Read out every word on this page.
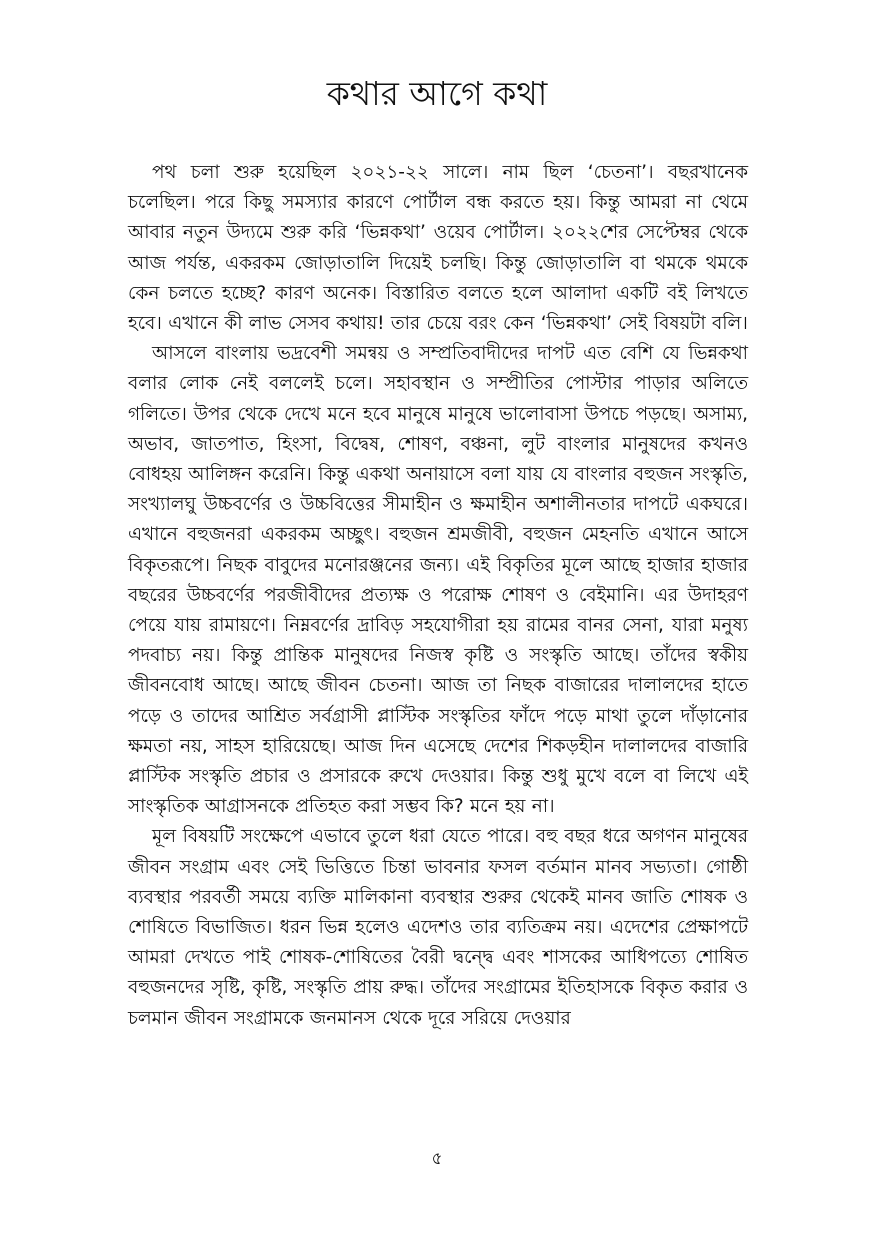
কথার আগে কথা

পথ চলা শুরু হয়েছিল ২০২১-২২ সালে। নাম ছিল ‘চেতনা’। বছরখানেক চলেছিল। পরে কিছু সমস্যার কারণে পোর্টাল বন্ধ করতে হয়। কিন্তু আমরা না থেমে আবার নতুন উদ্যমে শুরু করি ‘ভিন্নকথা’ ওয়েব পোর্টাল। ২০২২শের সেপ্টেম্বর থেকে আজ পর্যন্ত, একরকম জোড়াতালি দিয়েই চলছি। কিন্তু জোড়াতালি বা থমকে থমকে কেন চলতে হচ্ছে? কারণ অনেক। বিস্তারিত বলতে হলে আলাদা একটি বই লিখতে হবে। এখানে কী লাভ সেসব কথায়! তার চেয়ে বরং কেন ‘ভিন্নকথা’ সেই বিষয়টা বলি।

আসলে বাংলায় ভদ্রবেশী সমন্বয় ও সম্প্রতিবাদীদের দাপট এত বেশি যে ভিন্নকথা বলার লোক নেই বললেই চলে। সহাবস্থান ও সম্প্রীতির পোস্টার পাড়ার অলিতে গলিতে। উপর থেকে দেখে মনে হবে মানুষে মানুষে ভালোবাসা উপচে পড়ছে। অসাম্য, অভাব, জাতপাত, হিংসা, বিদ্বেষ, শোষণ, বঞ্চনা, লুট বাংলার মানুষদের কখনও বোধহয় আলিঙ্গন করেনি। কিন্তু একথা অনায়াসে বলা যায় যে বাংলার বহুজন সংস্কৃতি, সংখ্যালঘু উচ্চবর্ণের ও উচ্চবিত্তের সীমাহীন ও ক্ষমাহীন অশালীনতার দাপটে একঘরে। এখানে বহুজনরা একরকম অচ্ছুৎ। বহুজন শ্রমজীবী, বহুজন মেহনতি এখানে আসে বিকৃতরূপে। নিছক বাবুদের মনোরঞ্জনের জন্য। এই বিকৃতির মূলে আছে হাজার হাজার বছরের উচ্চবর্ণের পরজীবীদের প্রত্যক্ষ ও পরোক্ষ শোষণ ও বেইমানি। এর উদাহরণ পেয়ে যায় রামায়ণে। নিম্নবর্ণের দ্রাবিড় সহযোগীরা হয় রামের বানর সেনা, যারা মনুষ্য পদবাচ্য নয়। কিন্তু প্রান্তিক মানুষদের নিজস্ব কৃষ্টি ও সংস্কৃতি আছে। তাঁদের স্বকীয় জীবনবোধ আছে। আছে জীবন চেতনা। আজ তা নিছক বাজারের দালালদের হাতে পড়ে ও তাদের আশ্রিত সর্বগ্রাসী প্লাস্টিক সংস্কৃতির ফাঁদে পড়ে মাথা তুলে দাঁড়ানোর ক্ষমতা নয়, সাহস হারিয়েছে। আজ দিন এসেছে দেশের শিকড়হীন দালালদের বাজারি প্লাস্টিক সংস্কৃতি প্রচার ও প্রসারকে রুখে দেওয়ার। কিন্তু শুধু মুখে বলে বা লিখে এই সাংস্কৃতিক আগ্রাসনকে প্রতিহত করা সম্ভব কি? মনে হয় না।

মূল বিষয়টি সংক্ষেপে এভাবে তুলে ধরা যেতে পারে। বহু বছর ধরে অগণন মানুষের জীবন সংগ্রাম এবং সেই ভিত্তিতে চিন্তা ভাবনার ফসল বর্তমান মানব সভ্যতা। গোষ্ঠী ব্যবস্থার পরবর্তী সময়ে ব্যক্তি মালিকানা ব্যবস্থার শুরুর থেকেই মানব জাতি শোষক ও শোষিতে বিভাজিত। ধরন ভিন্ন হলেও এদেশও তার ব্যতিক্রম নয়। এদেশের প্রেক্ষাপটে আমরা দেখতে পাই শোষক-শোষিতের বৈরী দ্বন্দ্বে এবং শাসকের আধিপত্যে শোষিত বহুজনদের সৃষ্টি, কৃষ্টি, সংস্কৃতি প্রায় রুদ্ধ। তাঁদের সংগ্রামের ইতিহাসকে বিকৃত করার ও চলমান জীবন সংগ্রামকে জনমানস থেকে দূরে সরিয়ে দেওয়ার

৫
